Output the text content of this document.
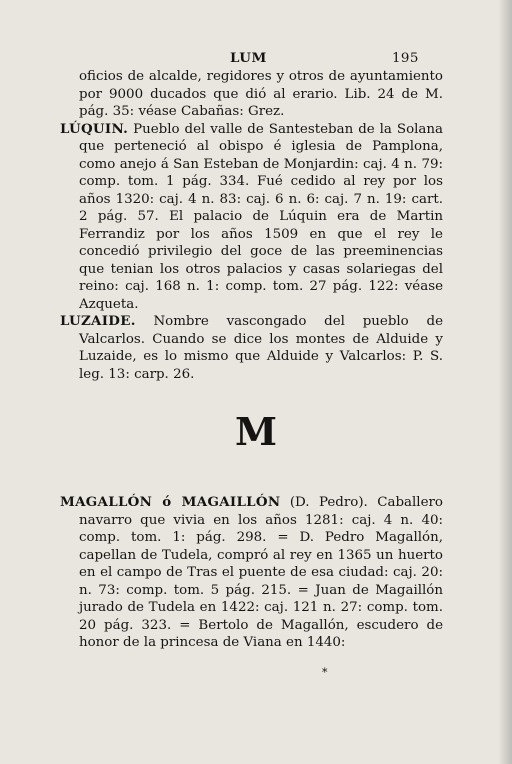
LUM	195

oficios de alcalde, regidores y otros de ayuntamiento por 9000 ducados que dió al erario. Lib. 24 de M. pág. 35: véase Cabañas: Grez.

LÚQUIN. Pueblo del valle de Santesteban de la Solana que perteneció al obispo é iglesia de Pamplona, como anejo á San Esteban de Monjardin: caj. 4 n. 79: comp. tom. 1 pág. 334. Fué cedido al rey por los años 1320: caj. 4 n. 83: caj. 6 n. 6: caj. 7 n. 19: cart. 2 pág. 57. El palacio de Lúquin era de Martin Ferrandiz por los años 1509 en que el rey le concedió privilegio del goce de las preeminencias que tenian los otros palacios y casas solariegas del reino: caj. 168 n. 1: comp. tom. 27 pág. 122: véase Azqueta.

LUZAIDE. Nombre vascongado del pueblo de Valcarlos. Cuando se dice los montes de Alduide y Luzaide, es lo mismo que Alduide y Valcarlos: P. S. leg. 13: carp. 26.

M

MAGALLÓN ó MAGAILLÓN (D. Pedro). Caballero navarro que vivia en los años 1281: caj. 4 n. 40: comp. tom. 1: pág. 298. = D. Pedro Magallón, capellan de Tudela, compró al rey en 1365 un huerto en el campo de Tras el puente de esa ciudad: caj. 20: n. 73: comp. tom. 5 pág. 215. = Juan de Magaillón jurado de Tudela en 1422: caj. 121 n. 27: comp. tom. 20 pág. 323. = Bertolo de Magallón, escudero de honor de la princesa de Viana en 1440:

*
